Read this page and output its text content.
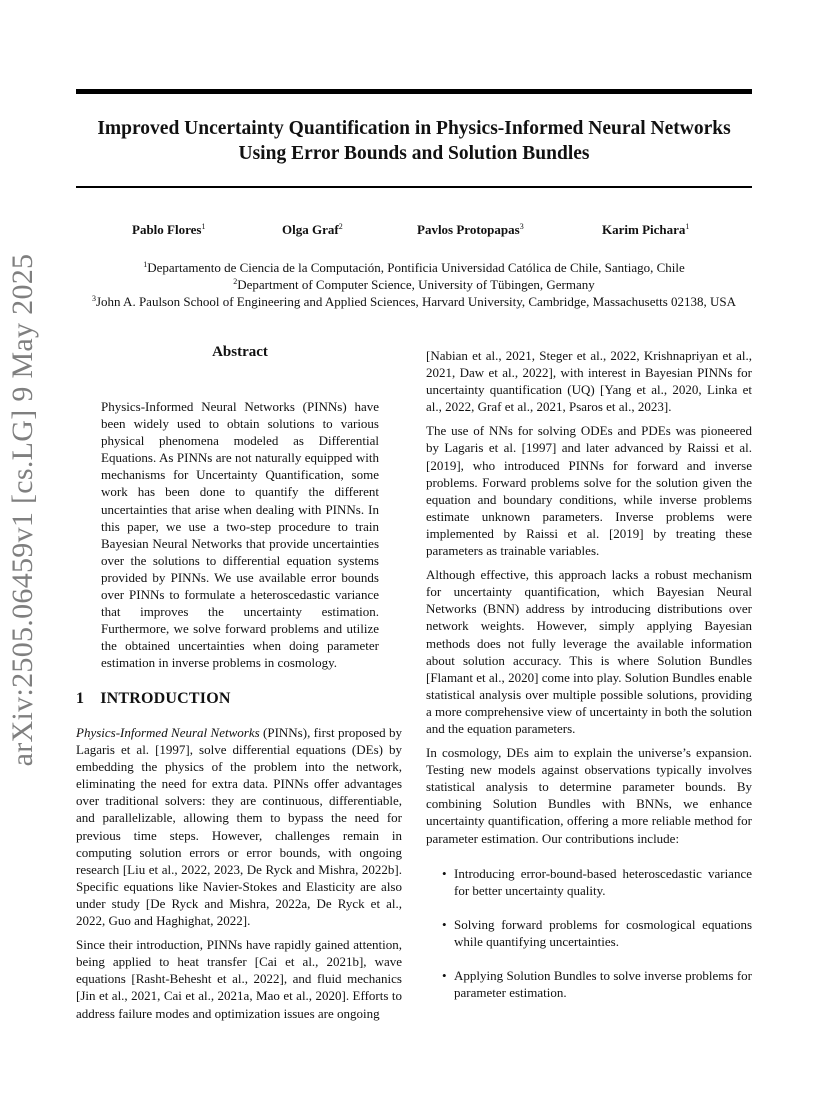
Improved Uncertainty Quantification in Physics-Informed Neural Networks
Using Error Bounds and Solution Bundles
Pablo Flores$^1$	Olga Graf$^2$	Pavlos Protopapas$^3$	Karim Pichara$^1$
$^1$Departamento de Ciencia de la Computación, Pontificia Universidad Católica de Chile, Santiago, Chile
$^2$Department of Computer Science, University of Tübingen, Germany
$^3$John A. Paulson School of Engineering and Applied Sciences, Harvard University, Cambridge, Massachusetts 02138, USA
arXiv:2505.06459v1 [cs.LG] 9 May 2025	Abstract

Physics-Informed Neural Networks (PINNs) have been widely used to obtain solutions to various physical phenomena modeled as Differential Equations. As PINNs are not naturally equipped with mechanisms for Uncertainty Quantification, some work has been done to quantify the different uncertainties that arise when dealing with PINNs. In this paper, we use a two-step procedure to train Bayesian Neural Networks that provide uncertainties over the solutions to differential equation systems provided by PINNs. We use available error bounds over PINNs to formulate a heteroscedastic variance that improves the uncertainty estimation. Furthermore, we solve forward problems and utilize the obtained uncertainties when doing parameter estimation in inverse problems in cosmology.

1 INTRODUCTION

Physics-Informed Neural Networks (PINNs), first proposed by Lagaris et al. [1997], solve differential equations (DEs) by embedding the physics of the problem into the network, eliminating the need for extra data. PINNs offer advantages over traditional solvers: they are continuous, differentiable, and parallelizable, allowing them to bypass the need for previous time steps. However, challenges remain in computing solution errors or error bounds, with ongoing research [Liu et al., 2022, 2023, De Ryck and Mishra, 2022b]. Specific equations like Navier-Stokes and Elasticity are also under study [De Ryck and Mishra, 2022a, De Ryck et al., 2022, Guo and Haghighat, 2022].

Since their introduction, PINNs have rapidly gained attention, being applied to heat transfer [Cai et al., 2021b], wave equations [Rasht-Behesht et al., 2022], and fluid mechanics [Jin et al., 2021, Cai et al., 2021a, Mao et al., 2020]. Efforts to address failure modes and optimization issues are ongoing

[Nabian et al., 2021, Steger et al., 2022, Krishnapriyan et al., 2021, Daw et al., 2022], with interest in Bayesian PINNs for uncertainty quantification (UQ) [Yang et al., 2020, Linka et al., 2022, Graf et al., 2021, Psaros et al., 2023].

The use of NNs for solving ODEs and PDEs was pioneered by Lagaris et al. [1997] and later advanced by Raissi et al. [2019], who introduced PINNs for forward and inverse problems. Forward problems solve for the solution given the equation and boundary conditions, while inverse problems estimate unknown parameters. Inverse problems were implemented by Raissi et al. [2019] by treating these parameters as trainable variables.

Although effective, this approach lacks a robust mechanism for uncertainty quantification, which Bayesian Neural Networks (BNN) address by introducing distributions over network weights. However, simply applying Bayesian methods does not fully leverage the available information about solution accuracy. This is where Solution Bundles [Flamant et al., 2020] come into play. Solution Bundles enable statistical analysis over multiple possible solutions, providing a more comprehensive view of uncertainty in both the solution and the equation parameters.

In cosmology, DEs aim to explain the universe’s expansion. Testing new models against observations typically involves statistical analysis to determine parameter bounds. By combining Solution Bundles with BNNs, we enhance uncertainty quantification, offering a more reliable method for parameter estimation. Our contributions include:

• Introducing error-bound-based heteroscedastic variance for better uncertainty quality.
• Solving forward problems for cosmological equations while quantifying uncertainties.
• Applying Solution Bundles to solve inverse problems for parameter estimation.
